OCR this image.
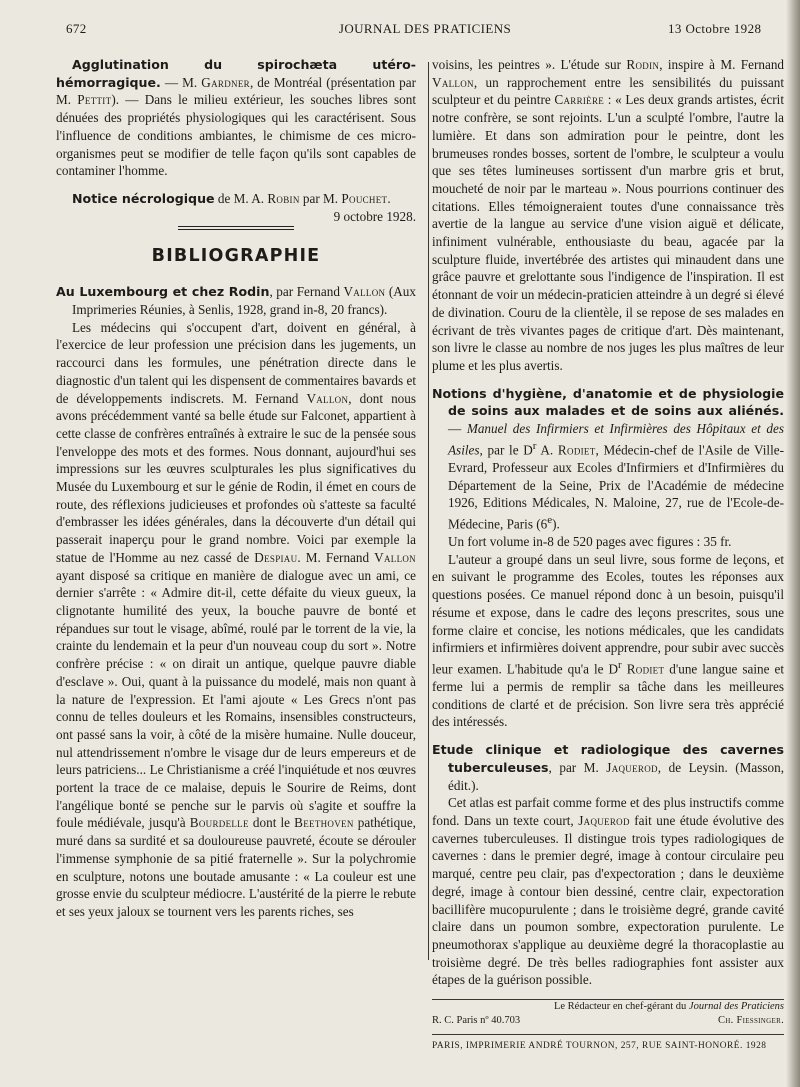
672	JOURNAL DES PRATICIENS	13 Octobre 1928

Agglutination du spirochæta utéro-hémorragique. — M. Gardner, de Montréal (présentation par M. Pettit). — Dans le milieu extérieur, les souches libres sont dénuées des propriétés physiologiques qui les caractérisent. Sous l'influence de conditions ambiantes, le chimisme de ces micro-organismes peut se modifier de telle façon qu'ils sont capables de contaminer l'homme.

Notice nécrologique de M. A. Robin par M. Pouchet.
9 octobre 1928.

BIBLIOGRAPHIE

Au Luxembourg et chez Rodin, par Fernand Vallon (Aux Imprimeries Réunies, à Senlis, 1928, grand in-8, 20 francs).

Les médecins qui s'occupent d'art, doivent en général, à l'exercice de leur profession une précision dans les jugements, un raccourci dans les formules, une pénétration directe dans le diagnostic d'un talent qui les dispensent de commentaires bavards et de développements indiscrets. M. Fernand Vallon, dont nous avons précédemment vanté sa belle étude sur Falconet, appartient à cette classe de confrères entraînés à extraire le suc de la pensée sous l'enveloppe des mots et des formes. Nous donnant, aujourd'hui ses impressions sur les œuvres sculpturales les plus significatives du Musée du Luxembourg et sur le génie de Rodin, il émet en cours de route, des réflexions judicieuses et profondes où s'atteste sa faculté d'embrasser les idées générales, dans la découverte d'un détail qui passerait inaperçu pour le grand nombre. Voici par exemple la statue de l'Homme au nez cassé de Despiau. M. Fernand Vallon ayant disposé sa critique en manière de dialogue avec un ami, ce dernier s'arrête : « Admire dit-il, cette défaite du vieux gueux, la clignotante humilité des yeux, la bouche pauvre de bonté et répandues sur tout le visage, abîmé, roulé par le torrent de la vie, la crainte du lendemain et la peur d'un nouveau coup du sort ». Notre confrère précise : « on dirait un antique, quelque pauvre diable d'esclave ». Oui, quant à la puissance du modelé, mais non quant à la nature de l'expression. Et l'ami ajoute « Les Grecs n'ont pas connu de telles douleurs et les Romains, insensibles constructeurs, ont passé sans la voir, à côté de la misère humaine. Nulle douceur, nul attendrissement n'ombre le visage dur de leurs empereurs et de leurs patriciens... Le Christianisme a créé l'inquiétude et nos œuvres portent la trace de ce malaise, depuis le Sourire de Reims, dont l'angélique bonté se penche sur le parvis où s'agite et souffre la foule médiévale, jusqu'à Bourdelle dont le Beethoven pathétique, muré dans sa surdité et sa douloureuse pauvreté, écoute se dérouler l'immense symphonie de sa pitié fraternelle ». Sur la polychromie en sculpture, notons une boutade amusante : « La couleur est une grosse envie du sculpteur médiocre. L'austérité de la pierre le rebute et ses yeux jaloux se tournent vers les parents riches, ses

voisins, les peintres ». L'étude sur Rodin, inspire à M. Fernand Vallon, un rapprochement entre les sensibilités du puissant sculpteur et du peintre Carrière : « Les deux grands artistes, écrit notre confrère, se sont rejoints. L'un a sculpté l'ombre, l'autre la lumière. Et dans son admiration pour le peintre, dont les brumeuses rondes bosses, sortent de l'ombre, le sculpteur a voulu que ses têtes lumineuses sortissent d'un marbre gris et brut, moucheté de noir par le marteau ». Nous pourrions continuer des citations. Elles témoigneraient toutes d'une connaissance très avertie de la langue au service d'une vision aiguë et délicate, infiniment vulnérable, enthousiaste du beau, agacée par la sculpture fluide, invertébrée des artistes qui minaudent dans une grâce pauvre et grelottante sous l'indigence de l'inspiration. Il est étonnant de voir un médecin-praticien atteindre à un degré si élevé de divination. Couru de la clientèle, il se repose de ses malades en écrivant de très vivantes pages de critique d'art. Dès maintenant, son livre le classe au nombre de nos juges les plus maîtres de leur plume et les plus avertis.

Notions d'hygiène, d'anatomie et de physiologie de soins aux malades et de soins aux aliénés. — Manuel des Infirmiers et Infirmières des Hôpitaux et des Asiles, par le $D^r$ A. Rodiet, Médecin-chef de l'Asile de Ville-Evrard, Professeur aux Ecoles d'Infirmiers et d'Infirmières du Département de la Seine, Prix de l'Académie de médecine 1926, Editions Médicales, N. Maloine, 27, rue de l'Ecole-de-Médecine, Paris (6e).

Un fort volume in-8 de 520 pages avec figures : 35 fr.

L'auteur a groupé dans un seul livre, sous forme de leçons, et en suivant le programme des Ecoles, toutes les réponses aux questions posées. Ce manuel répond donc à un besoin, puisqu'il résume et expose, dans le cadre des leçons prescrites, sous une forme claire et concise, les notions médicales, que les candidats infirmiers et infirmières doivent apprendre, pour subir avec succès leur examen. L'habitude qu'a le $D^r$ Rodiet d'une langue saine et ferme lui a permis de remplir sa tâche dans les meilleures conditions de clarté et de précision. Son livre sera très apprécié des intéressés.

Etude clinique et radiologique des cavernes tuberculeuses, par M. Jaquerod, de Leysin. (Masson, édit.).

Cet atlas est parfait comme forme et des plus instructifs comme fond. Dans un texte court, Jaquerod fait une étude évolutive des cavernes tuberculeuses. Il distingue trois types radiologiques de cavernes : dans le premier degré, image à contour circulaire peu marqué, centre peu clair, pas d'expectoration ; dans le deuxième degré, image à contour bien dessiné, centre clair, expectoration bacillifère mucopurulente ; dans le troisième degré, grande cavité claire dans un poumon sombre, expectoration purulente. Le pneumothorax s'applique au deuxième degré la thoracoplastie au troisième degré. De très belles radiographies font assister aux étapes de la guérison possible.

Le Rédacteur en chef-gérant du Journal des Praticiens
R. C. Paris nº 40.703	Ch. Fiessinger.
PARIS, IMPRIMERIE ANDRÉ TOURNON, 257, RUE SAINT-HONORÉ. 1928
